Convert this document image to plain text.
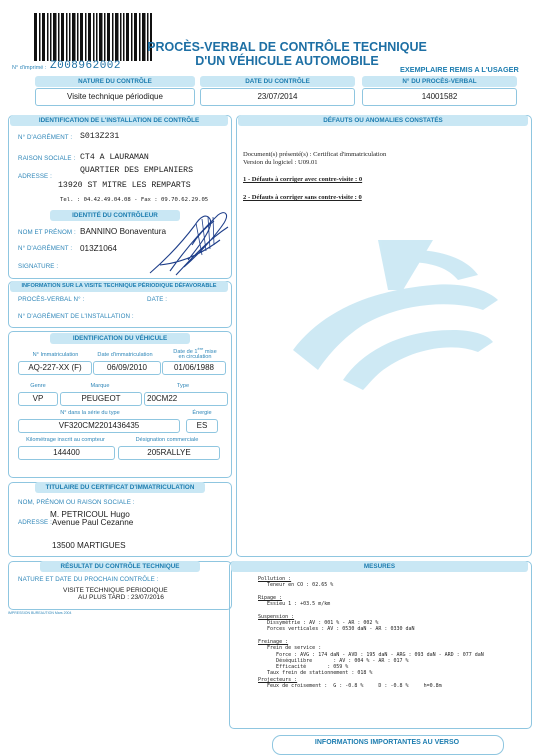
N° d'imprimé : Z008962002
PROCÈS-VERBAL DE CONTRÔLE TECHNIQUE
D'UN VÉHICULE AUTOMOBILE
EXEMPLAIRE REMIS A L'USAGER
NATURE DU CONTRÔLE	DATE DU CONTRÔLE	N° DU PROCÈS-VERBAL
Visite technique périodique	23/07/2014	14001582
IDENTIFICATION DE L'INSTALLATION DE CONTRÔLE
N° D'AGRÉMENT : S013Z231
RAISON SOCIALE : CT4 A LAURAMAN
ADRESSE :
QUARTIER DES EMPLANIERS
13920 ST MITRE LES REMPARTS
Tel. : 04.42.49.04.08 - Fax : 09.70.62.29.05
IDENTITÉ DU CONTRÔLEUR
NOM ET PRÉNOM : BANNINO Bonaventura
N° D'AGRÉMENT : 013Z1064
SIGNATURE :
INFORMATION SUR LA VISITE TECHNIQUE PÉRIODIQUE DÉFAVORABLE
PROCÈS-VERBAL N° :	DATE :
N° D'AGRÉMENT DE L'INSTALLATION :
IDENTIFICATION DU VÉHICULE
N° Immatriculation	Date d'immatriculation
Date de 1ère mise
en circulation
AQ-227-XX (F)	06/09/2010	01/06/1988
Genre	Marque	Type
VP	PEUGEOT	20CM22
N° dans la série du type	Énergie
VF320CM2201436435	ES
Kilométrage inscrit au compteur	Désignation commerciale
144400	205RALLYE
TITULAIRE DU CERTIFICAT D'IMMATRICULATION
NOM, PRÉNOM OU RAISON SOCIALE :
M. PETRICOUL Hugo
ADRESSE : Avenue Paul Cezanne
13500 MARTIGUES
RÉSULTAT DU CONTRÔLE TECHNIQUE
NATURE ET DATE DU PROCHAIN CONTRÔLE :
VISITE TECHNIQUE PERIODIQUE
AU PLUS TARD : 23/07/2016
IMPRESSION BUREAUTION Mars 2004
DÉFAUTS OU ANOMALIES CONSTATÉS
Document(s) présenté(s) : Certificat d'immatriculation
Version du logiciel : U09.01
1 - Défauts à corriger avec contre-visite : 0
2 - Défauts à corriger sans contre-visite : 0
MESURES
Pollution :
Teneur en CO : 02.65 %
Ripage :
Essieu 1 : +03.5 m/km
Suspension :
Dissymétrie : AV : 001 % - AR : 002 %
Forces verticales : AV : 0530 daN - AR : 0330 daN
Freinage :
Frein de service :
Force : AVG : 174 daN - AVD : 195 daN - ARG : 093 daN - ARD : 077 daN
Déséquilibre       : AV : 004 % - AR : 017 %
Efficacité       : 059 %
Taux frein de stationnement : 018 %
Projecteurs :
Feux de croisement :  G : -0.8 %     D : -0.8 %     h=0.8m
INFORMATIONS IMPORTANTES AU VERSO
